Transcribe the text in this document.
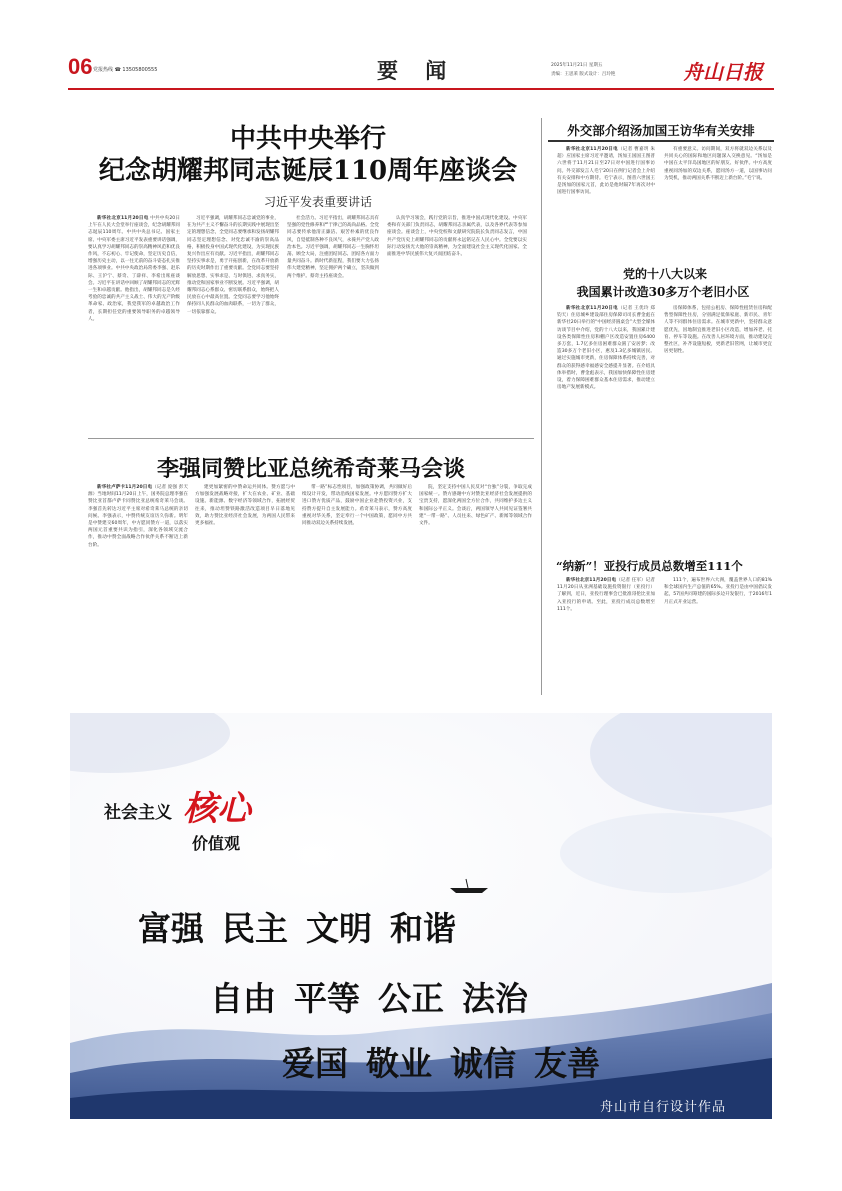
06 党报热线 ☎ 13505800555	要 闻	2025年11月21日 星期五
责编：王思莱 版式设计：吕玲艳	舟山日报
中共中央举行
纪念胡耀邦同志诞辰110周年座谈会
习近平发表重要讲话

新华社北京11月20日电 中共中央20日上午在人民大会堂举行座谈会，纪念胡耀邦同志诞辰110周年。中共中央总书记、国家主席、中央军委主席习近平发表重要讲话强调，要认真学习胡耀邦同志的崇高精神风范和优良作风，不忘初心、牢记使命，坚定历史自信，增强历史主动，以一往无前的奋斗姿态扎实推进各项事业。中共中央政治局常委李强、赵乐际、王沪宁、蔡奇、丁薛祥、李希出席座谈会。习近平在讲话中回顾了胡耀邦同志的光辉一生和卓越贡献。他指出，胡耀邦同志是久经考验的忠诚的共产主义战士、伟大的无产阶级革命家、政治家，我党我军的卓越政治工作者，长期担任党的重要领导职务的卓越领导人。

习近平强调，胡耀邦同志忠诚党的事业，在为共产主义不懈奋斗的长期实践中展现出坚定的理想信念，全党同志要继承和发扬胡耀邦同志坚定理想信念、对党忠诚不渝的崇高品格，积极投身中国式现代化建设，为实现民族复兴作出应有贡献。习近平指出，胡耀邦同志坚持实事求是，勇于开拓创新，在改革开放新的历史时期作出了重要贡献。全党同志要坚持解放思想、实事求是、与时俱进、求真务实，推动党和国家事业不断发展。习近平强调，胡耀邦同志心系群众、密切联系群众，始终把人民放在心中最高位置。全党同志要学习他始终保持同人民群众的血肉联系，一切为了群众，一切依靠群众。

社会活力。习近平指出，胡耀邦同志具有坚强的党性修养和严于律己的高尚品格。全党同志要传承他清正廉洁、艰苦朴素的优良作风，自觉抵制各种不良风气，永葆共产党人政治本色。习近平强调，胡耀邦同志一生胸怀坦荡、顾全大局，注重团结同志、团结各方面力量共同奋斗。新时代新征程，我们要大力弘扬伟大建党精神，坚定拥护两个确立，坚决做到两个维护。蔡奇主持座谈会。

认真学习领会，践行党的宗旨，推进中国式现代化建设。中央军委和有关部门负责同志，胡耀邦同志亲属代表，以及各界代表等参加座谈会。座谈会上，中央党校和文献研究院院长负责同志发言，中国共产党历史上胡耀邦同志的贡献将永远铭记在人民心中。全党要以实际行动发扬光大他的崇高精神，为全面建设社会主义现代化国家、全面推进中华民族伟大复兴而团结奋斗。

外交部介绍汤加国王访华有关安排

新华社北京11月20日电（记者 曹嘉玥 朱超）应国家主席习近平邀请，汤加王国国王图普六世将于11月21日至27日对中国进行国事访问。外交部发言人毛宁20日在例行记者会上介绍有关安排和中方期待。毛宁表示，图普六世国王是汤加的国家元首，此访是他时隔7年再次对中国进行国事访问。

有重要意义。访问期间，双方将就双边关系以及共同关心的国际和地区问题深入交换意见。“汤加是中国在太平洋岛国地区的好朋友、好伙伴。中方高度重视同汤加的双边关系，愿同汤方一道，以国事访问为契机，推动两国关系不断迈上新台阶。”毛宁说。

党的十八大以来
我国累计改造30多万个老旧小区

新华社北京11月20日电（记者 王优玲 郑钧天）住房城乡建设部住房保障司司长曹金彪在新华社20日举行的“中国经济圆桌会”大型全媒体访谈节目中介绍，党的十八大以来，我国累计建设各类保障性住房和棚户区改造安置住房6400多万套，1.7亿多住房困难群众圆了安居梦；改造30多万个老旧小区，惠及1.3亿多城镇居民。通过实施城市更新，住房保障体系持续完善，对群众的获得感幸福感安全感提升显著。在介绍具体举措时，曹金彪表示，我国加快保障性住房建设，着力保障困难群众基本住房需求，推动建立房地产发展新模式。

房保障体系，包括公租房、保障性租赁住房和配售型保障性住房，分别满足低保家庭、新市民、青年人等不同群体住房需求。在城市更新中，坚持群众意愿优先，因地制宜推进老旧小区改造，增加养老、托育、停车等设施。在改善人居环境方面，推动建设完整社区，补齐设施短板，更新老旧管网，让城市更宜居更韧性。

“纳新”！亚投行成员总数增至111个

新华社北京11月20日电（记者 任军）记者11月20日从亚洲基础设施投资银行（亚投行）了解到，近日，亚投行理事会已批准哥伦比亚加入亚投行的申请。至此，亚投行成员总数增至111个。

111个，遍布世界六大洲，覆盖世界人口的81%和全球国内生产总值的65%。亚投行是由中国倡议发起，57国共同筹建的国际多边开发银行，于2016年1月正式开业运营。

李强同赞比亚总统希奇莱马会谈

新华社卢萨卡11月20日电（记者 庞强 彭天源）当地时间11月20日上午，国务院总理李强在赞比亚首都卢萨卡同赞比亚总统希奇莱马会谈。李强首先转达习近平主席对希奇莱马总统的亲切问候。李强表示，中赞传统友谊历久弥新。明年是中赞建交60周年，中方愿同赞方一道，以落实两国元首重要共识为指引，深化各领域交流合作，推动中赞全面战略合作伙伴关系不断迈上新台阶。

建更加紧密的中赞命运共同体。赞方愿与中方加强发展战略对接，扩大在农业、矿业、基础设施、新能源、数字经济等领域合作，拓展经贸往来，推动坦赞铁路激活改造项目早日落地见效，助力赞比亚经济社会发展，为两国人民带来更多福祉。

带一路”标志性项目，加强政策协调，共同做好后续设计开发，带动沿线国家发展。中方愿同赞方扩大进口赞方优质产品，鼓励中国企业赴赞投资兴业，支持赞方提升自主发展能力。希奇莱马表示，赞方高度重视对华关系，坚定奉行一个中国政策，愿同中方共同推动双边关系持续发展。

院，坚定支持中国人民反对“台独”分裂，争取完成国家统一。赞方感谢中方对赞比亚经济社会发展提供的宝贵支持，愿深化两国全方位合作，共同维护多边主义和国际公平正义。会谈后，两国领导人共同见证签署共建“一带一路”、人员往来、绿色矿产、新闻等领域合作文件。

社会主义 核心
价值观
富强 民主 文明 和谐
自由 平等 公正 法治
爱国 敬业 诚信 友善
舟山市自行设计作品
